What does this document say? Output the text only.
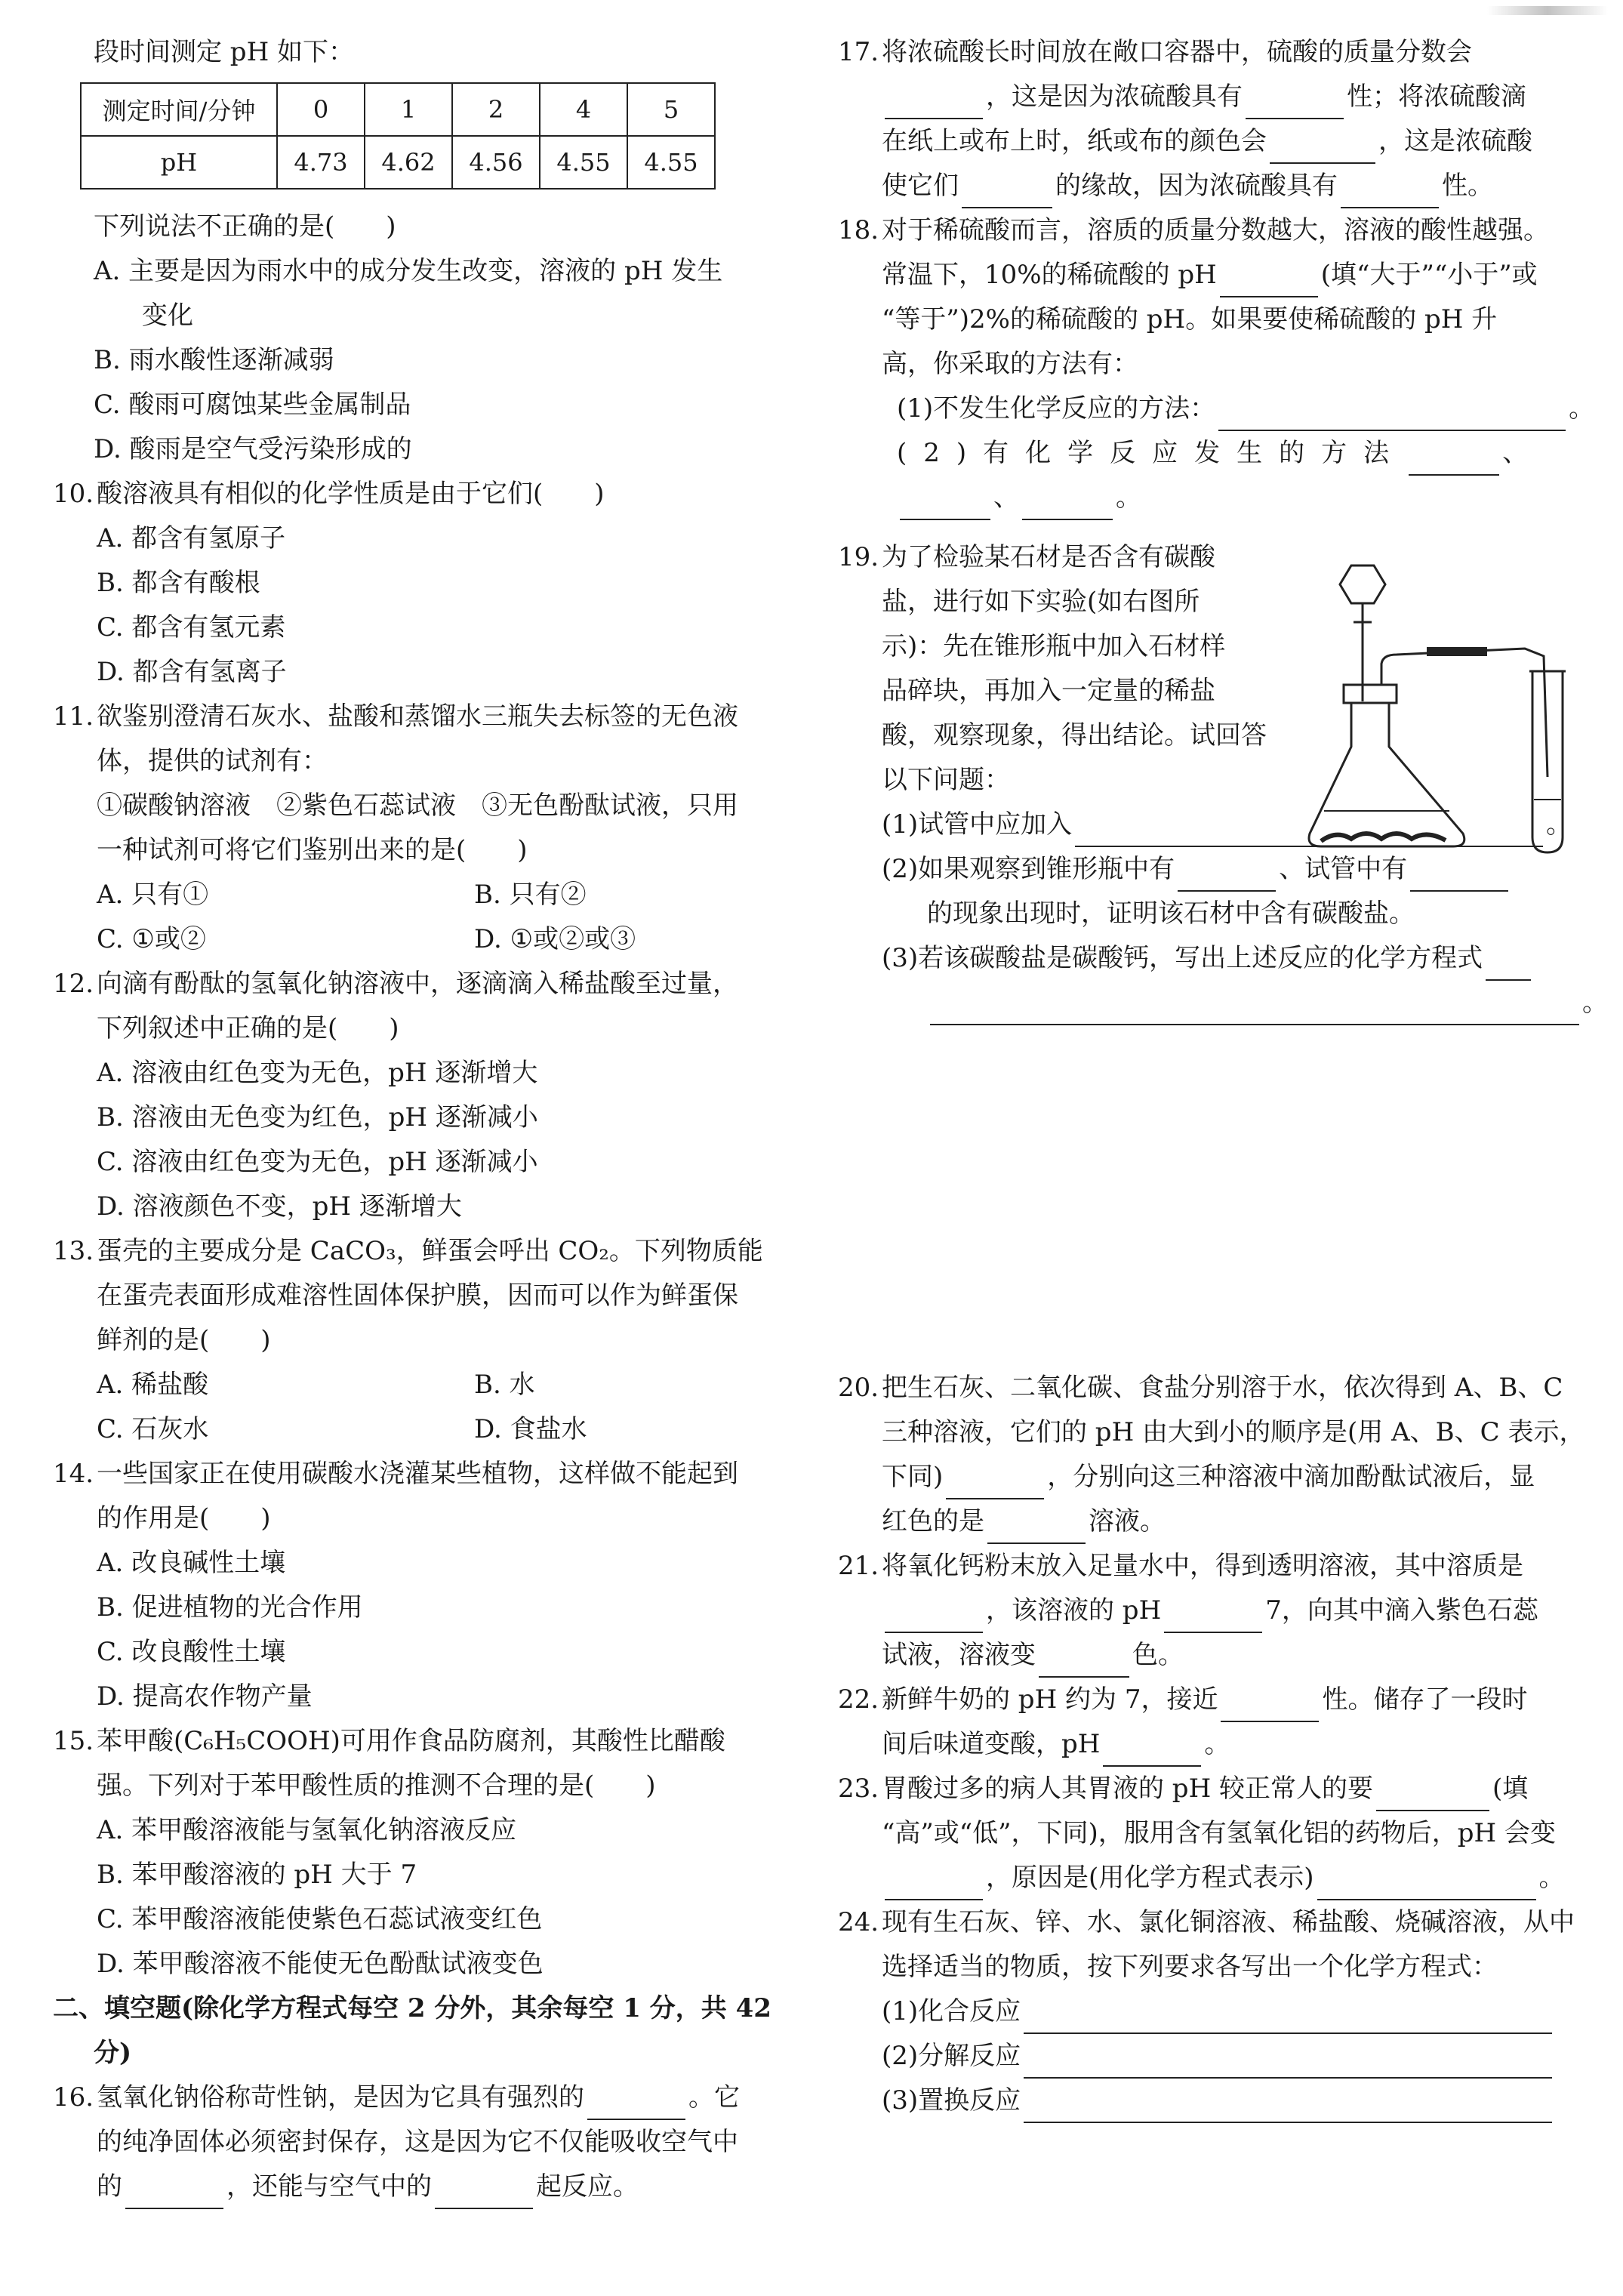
段时间测定 pH 如下：
测定时间/分钟	0	1	2	4	5
pH	4.73	4.62	4.56	4.55	4.55
下列说法不正确的是(　　)
A. 主要是因为雨水中的成分发生改变，溶液的 pH 发生
变化
B. 雨水酸性逐渐减弱
C. 酸雨可腐蚀某些金属制品
D. 酸雨是空气受污染形成的
10. 酸溶液具有相似的化学性质是由于它们(　　)
A. 都含有氢原子
B. 都含有酸根
C. 都含有氢元素
D. 都含有氢离子
11. 欲鉴别澄清石灰水、盐酸和蒸馏水三瓶失去标签的无色液
体，提供的试剂有：
①碳酸钠溶液　②紫色石蕊试液　③无色酚酞试液，只用
一种试剂可将它们鉴别出来的是(　　)
A. 只有①	B. 只有②
C. ①或②	D. ①或②或③
12. 向滴有酚酞的氢氧化钠溶液中，逐滴滴入稀盐酸至过量，
下列叙述中正确的是(　　)
A. 溶液由红色变为无色，pH 逐渐增大
B. 溶液由无色变为红色，pH 逐渐减小
C. 溶液由红色变为无色，pH 逐渐减小
D. 溶液颜色不变，pH 逐渐增大
13. 蛋壳的主要成分是 CaCO₃，鲜蛋会呼出 CO₂。下列物质能
在蛋壳表面形成难溶性固体保护膜，因而可以作为鲜蛋保
鲜剂的是(　　)
A. 稀盐酸	B. 水
C. 石灰水	D. 食盐水
14. 一些国家正在使用碳酸水浇灌某些植物，这样做不能起到
的作用是(　　)
A. 改良碱性土壤
B. 促进植物的光合作用
C. 改良酸性土壤
D. 提高农作物产量
15. 苯甲酸(C₆H₅COOH)可用作食品防腐剂，其酸性比醋酸
强。下列对于苯甲酸性质的推测不合理的是(　　)
A. 苯甲酸溶液能与氢氧化钠溶液反应
B. 苯甲酸溶液的 pH 大于 7
C. 苯甲酸溶液能使紫色石蕊试液变红色
D. 苯甲酸溶液不能使无色酚酞试液变色
二、填空题(除化学方程式每空 2 分外，其余每空 1 分，共 42
分)
16. 氢氧化钠俗称苛性钠，是因为它具有强烈的	。它
的纯净固体必须密封保存，这是因为它不仅能吸收空气中
的	，还能与空气中的	起反应。
17. 将浓硫酸长时间放在敞口容器中，硫酸的质量分数会
，这是因为浓硫酸具有	性；将浓硫酸滴
在纸上或布上时，纸或布的颜色会	，这是浓硫酸
使它们	的缘故，因为浓硫酸具有	性。
18. 对于稀硫酸而言，溶质的质量分数越大，溶液的酸性越强。
常温下，10%的稀硫酸的 pH	(填“大于”“小于”或
“等于”)2%的稀硫酸的 pH。如果要使稀硫酸的 pH 升
高，你采取的方法有：
(1)不发生化学反应的方法：	。
(2)有化学反应发生的方法	、
、	。
19. 为了检验某石材是否含有碳酸
盐，进行如下实验(如右图所
示)：先在锥形瓶中加入石材样
品碎块，再加入一定量的稀盐
酸，观察现象，得出结论。试回答
以下问题：
(1)试管中应加入	。
(2)如果观察到锥形瓶中有	、试管中有
的现象出现时，证明该石材中含有碳酸盐。
(3)若该碳酸盐是碳酸钙，写出上述反应的化学方程式
。
20. 把生石灰、二氧化碳、食盐分别溶于水，依次得到 A、B、C
三种溶液，它们的 pH 由大到小的顺序是(用 A、B、C 表示，
下同)	，分别向这三种溶液中滴加酚酞试液后，显
红色的是	溶液。
21. 将氧化钙粉末放入足量水中，得到透明溶液，其中溶质是
，该溶液的 pH	7，向其中滴入紫色石蕊
试液，溶液变	色。
22. 新鲜牛奶的 pH 约为 7，接近	性。储存了一段时
间后味道变酸，pH	。
23. 胃酸过多的病人其胃液的 pH 较正常人的要	(填
“高”或“低”，下同)，服用含有氢氧化铝的药物后，pH 会变
，原因是(用化学方程式表示)	。
24. 现有生石灰、锌、水、氯化铜溶液、稀盐酸、烧碱溶液，从中
选择适当的物质，按下列要求各写出一个化学方程式：
(1)化合反应
(2)分解反应
(3)置换反应
